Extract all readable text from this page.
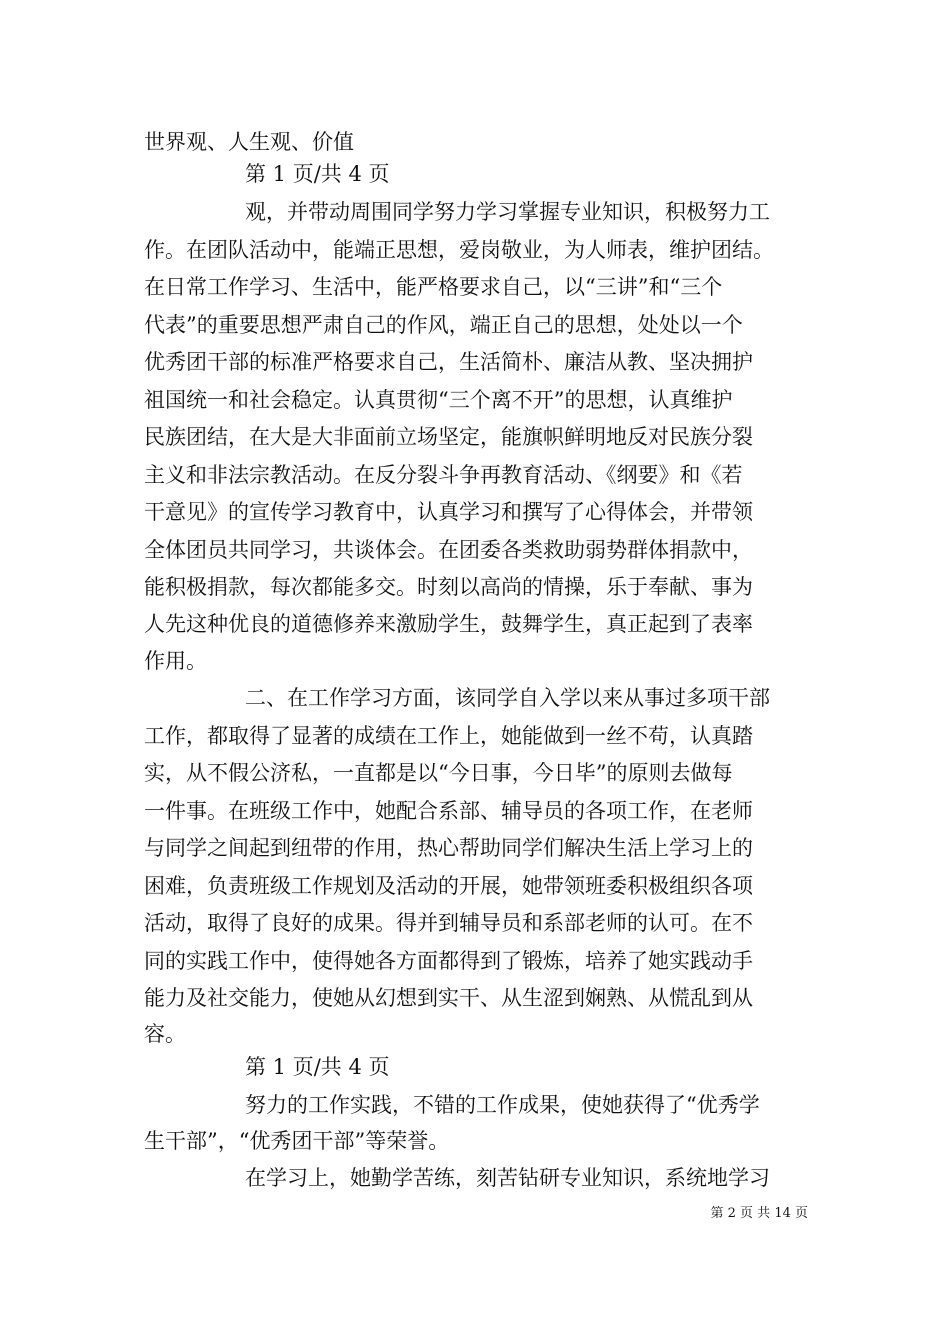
世界观、人生观、价值
第 1 页/共 4 页
观，并带动周围同学努力学习掌握专业知识，积极努力工
作。在团队活动中，能端正思想，爱岗敬业，为人师表，维护团结。
在日常工作学习、生活中，能严格要求自己，以“三讲”和“三个
代表”的重要思想严肃自己的作风，端正自己的思想，处处以一个
优秀团干部的标准严格要求自己，生活简朴、廉洁从教、坚决拥护
祖国统一和社会稳定。认真贯彻“三个离不开”的思想，认真维护
民族团结，在大是大非面前立场坚定，能旗帜鲜明地反对民族分裂
主义和非法宗教活动。在反分裂斗争再教育活动、《纲要》和《若
干意见》的宣传学习教育中，认真学习和撰写了心得体会，并带领
全体团员共同学习，共谈体会。在团委各类救助弱势群体捐款中，
能积极捐款，每次都能多交。时刻以高尚的情操，乐于奉献、事为
人先这种优良的道德修养来激励学生，鼓舞学生，真正起到了表率
作用。
二、在工作学习方面，该同学自入学以来从事过多项干部
工作，都取得了显著的成绩在工作上，她能做到一丝不苟，认真踏
实，从不假公济私，一直都是以“今日事，今日毕”的原则去做每
一件事。在班级工作中，她配合系部、辅导员的各项工作，在老师
与同学之间起到纽带的作用，热心帮助同学们解决生活上学习上的
困难，负责班级工作规划及活动的开展，她带领班委积极组织各项
活动，取得了良好的成果。得并到辅导员和系部老师的认可。在不
同的实践工作中，使得她各方面都得到了锻炼，培养了她实践动手
能力及社交能力，使她从幻想到实干、从生涩到娴熟、从慌乱到从
容。
第 1 页/共 4 页
努力的工作实践，不错的工作成果，使她获得了“优秀学
生干部”，“优秀团干部”等荣誉。
在学习上，她勤学苦练，刻苦钻研专业知识，系统地学习
第 2 页 共 14 页
